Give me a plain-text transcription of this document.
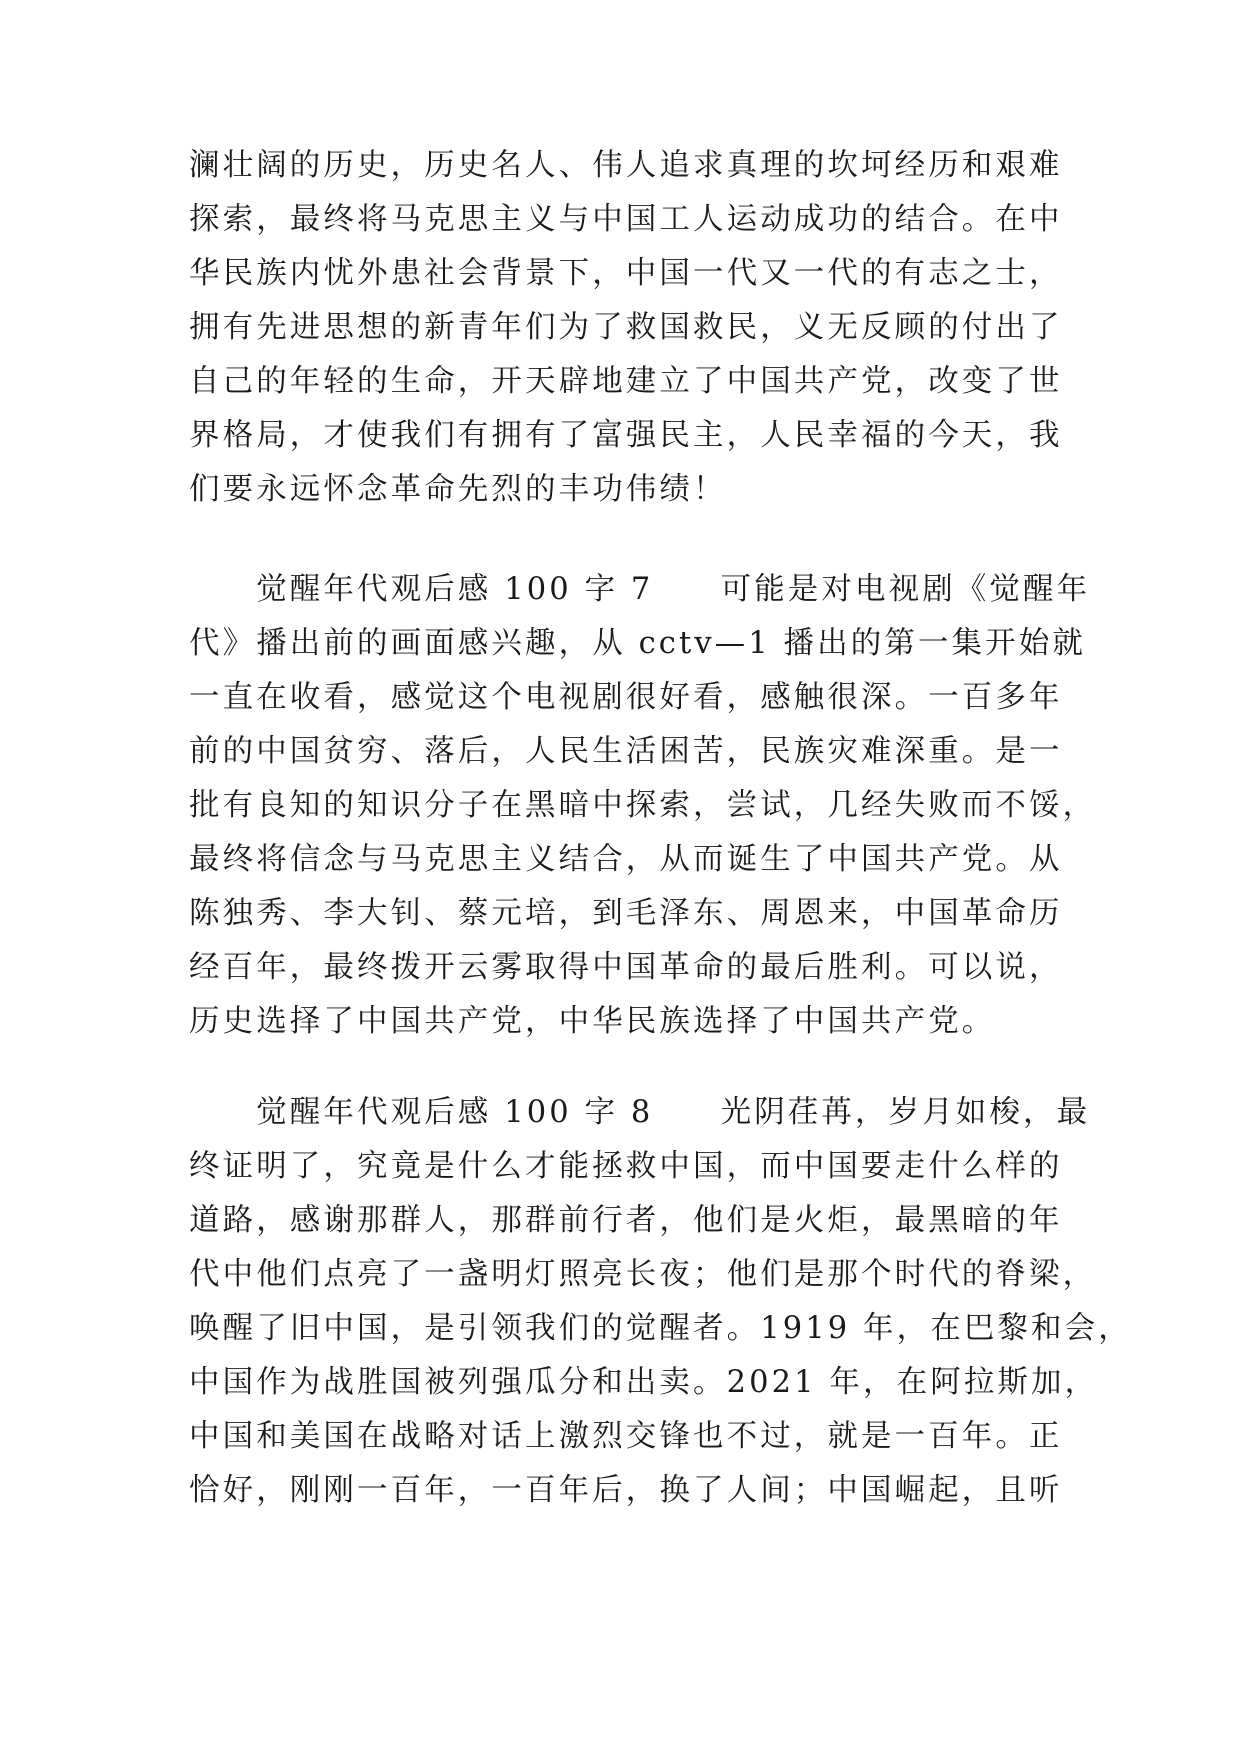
澜壮阔的历史，历史名人、伟人追求真理的坎坷经历和艰难
探索，最终将马克思主义与中国工人运动成功的结合。在中
华民族内忧外患社会背景下，中国一代又一代的有志之士，
拥有先进思想的新青年们为了救国救民，义无反顾的付出了
自己的年轻的生命，开天辟地建立了中国共产党，改变了世
界格局，才使我们有拥有了富强民主，人民幸福的今天，我
们要永远怀念革命先烈的丰功伟绩！
　　觉醒年代观后感 100 字 7　　可能是对电视剧《觉醒年
代》播出前的画面感兴趣，从 cctv—1 播出的第一集开始就
一直在收看，感觉这个电视剧很好看，感触很深。一百多年
前的中国贫穷、落后，人民生活困苦，民族灾难深重。是一
批有良知的知识分子在黑暗中探索，尝试，几经失败而不馁，
最终将信念与马克思主义结合，从而诞生了中国共产党。从
陈独秀、李大钊、蔡元培，到毛泽东、周恩来，中国革命历
经百年，最终拨开云雾取得中国革命的最后胜利。可以说，
历史选择了中国共产党，中华民族选择了中国共产党。
　　觉醒年代观后感 100 字 8　　光阴荏苒，岁月如梭，最
终证明了，究竟是什么才能拯救中国，而中国要走什么样的
道路，感谢那群人，那群前行者，他们是火炬，最黑暗的年
代中他们点亮了一盏明灯照亮长夜；他们是那个时代的脊梁，
唤醒了旧中国，是引领我们的觉醒者。1919 年，在巴黎和会，
中国作为战胜国被列强瓜分和出卖。2021 年，在阿拉斯加，
中国和美国在战略对话上激烈交锋也不过，就是一百年。正
恰好，刚刚一百年，一百年后，换了人间；中国崛起，且听
